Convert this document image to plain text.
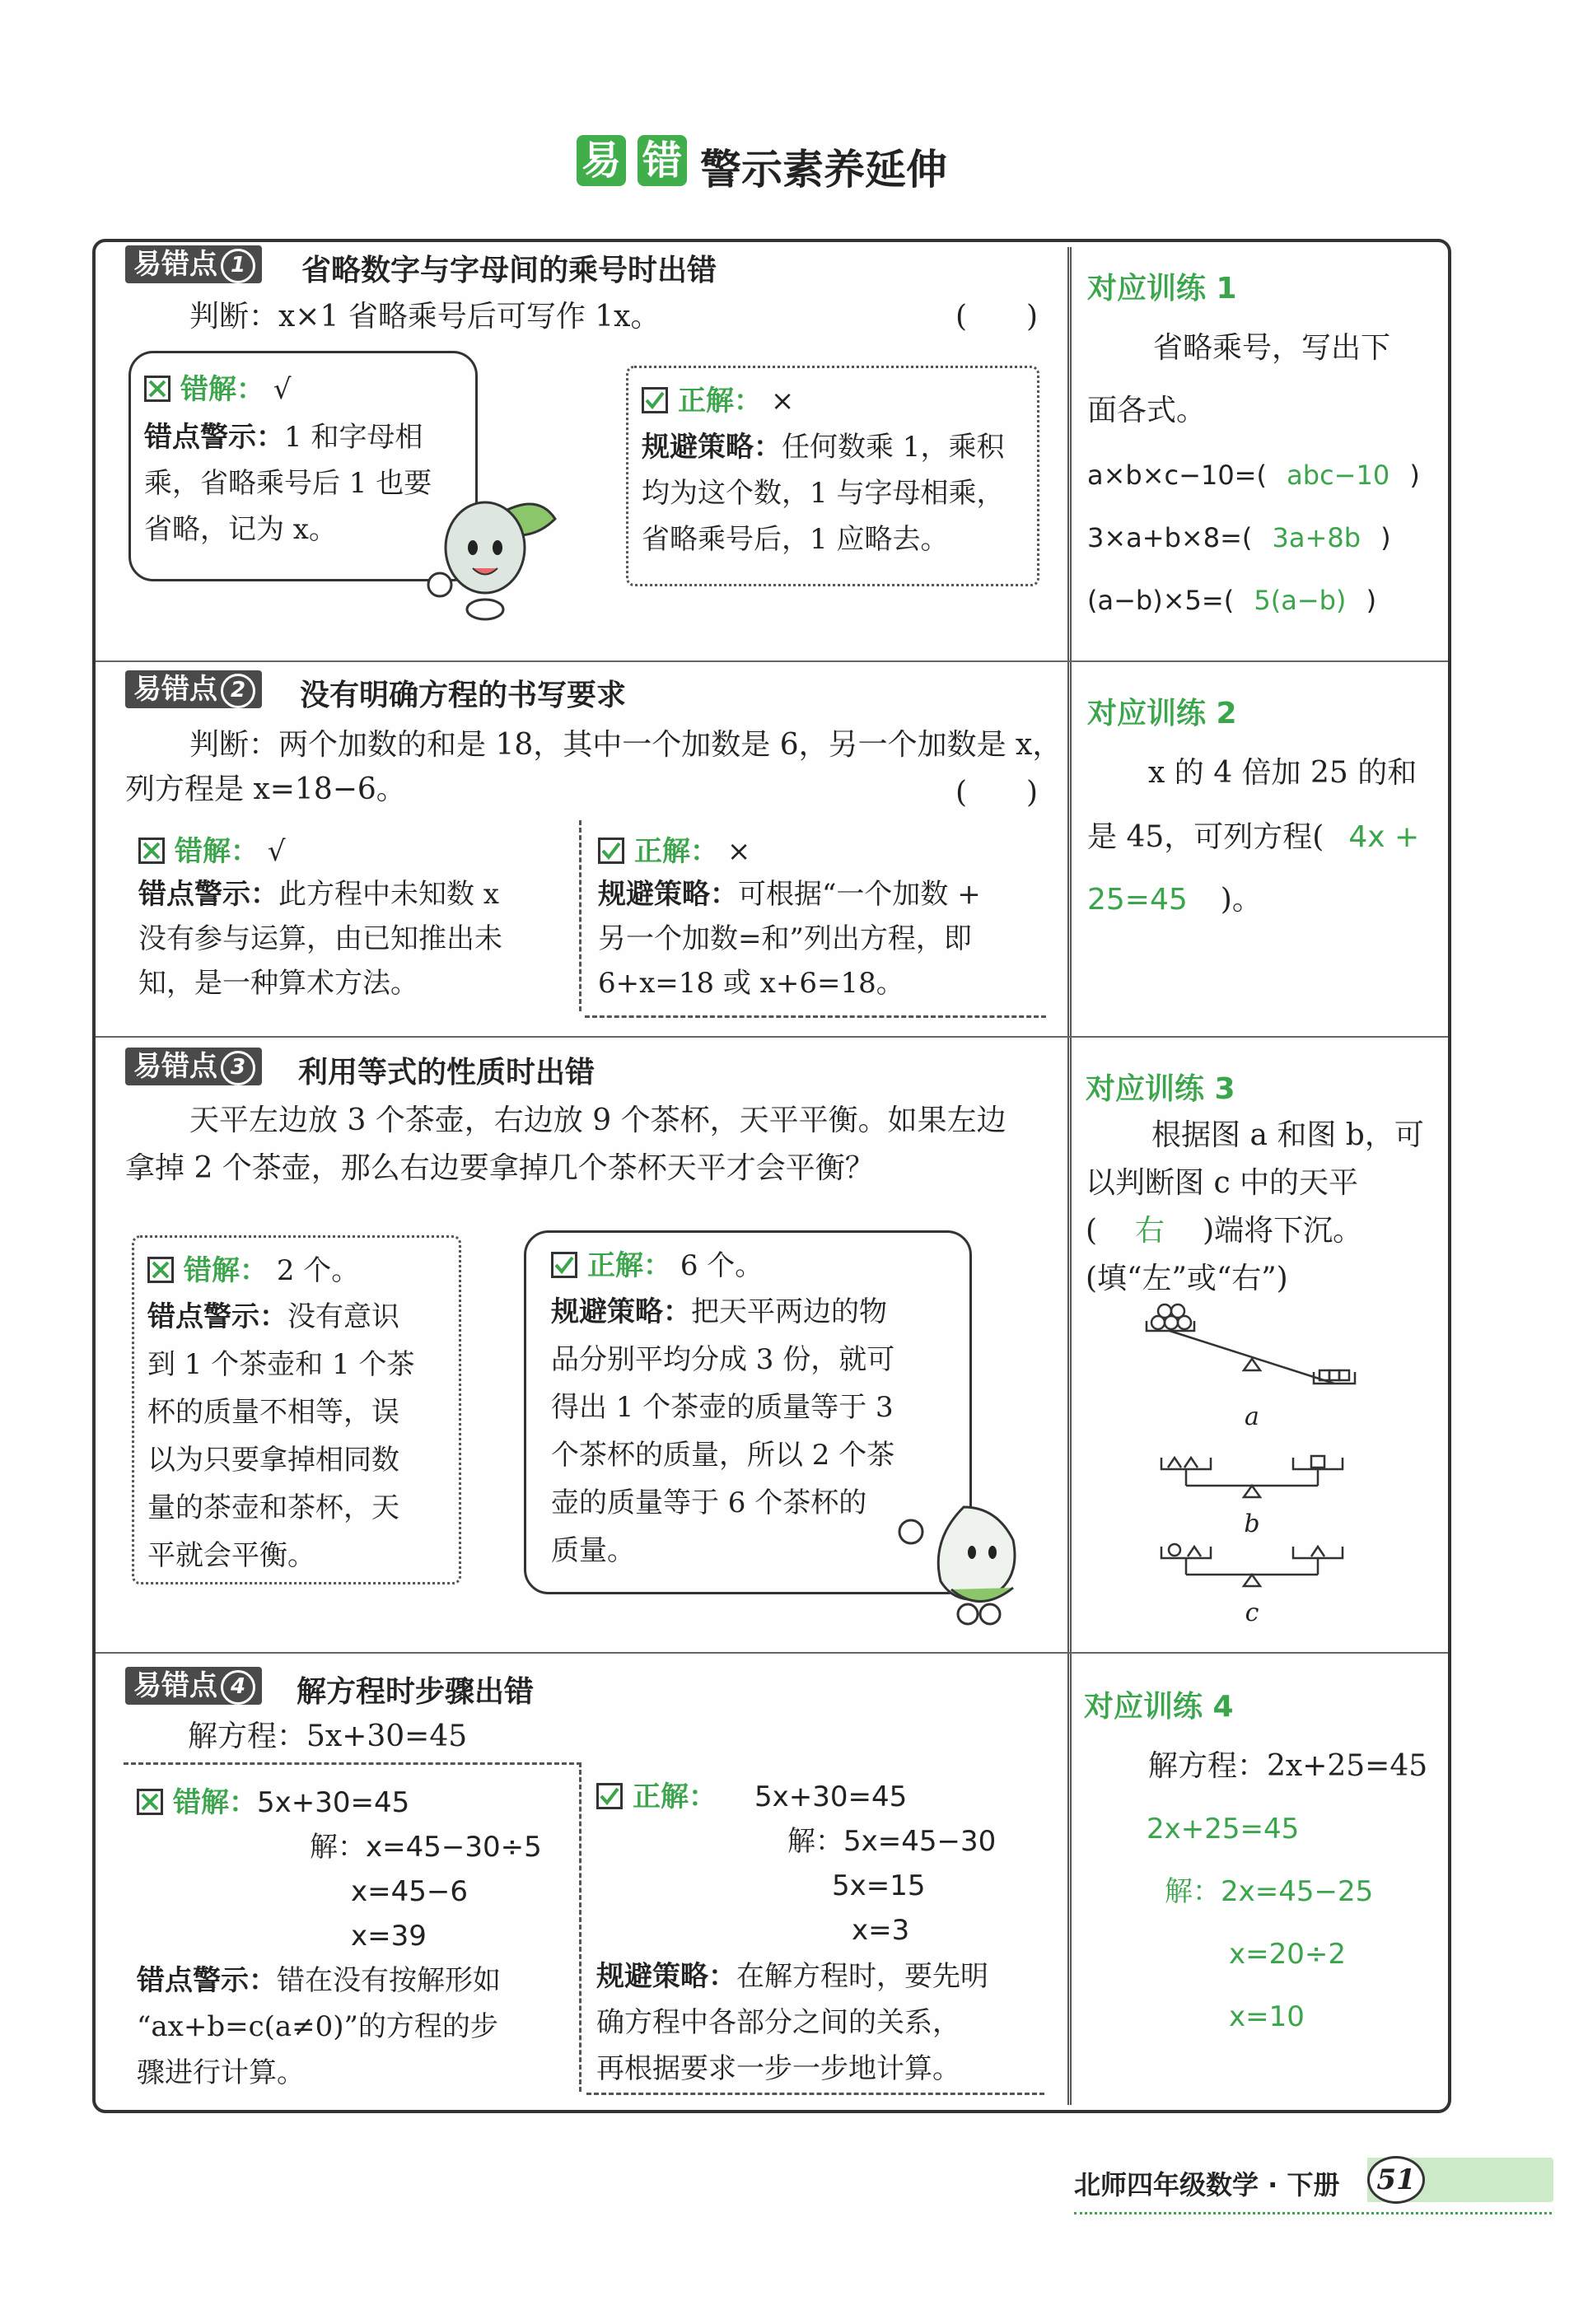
易 错 警示素养延伸
易错点 1	省略数字与字母间的乘号时出错
判断：x×1 省略乘号后可写作 1x。	(　　)
错解： √
错点警示：1 和字母相
乘，省略乘号后 1 也要
省略，记为 x。
正解： ×
规避策略：任何数乘 1，乘积
均为这个数，1 与字母相乘，
省略乘号后，1 应略去。
对应训练 1
省略乘号，写出下
面各式。
a×b×c−10=( abc−10 )
3×a+b×8=( 3a+8b )
(a−b)×5=( 5(a−b) )
易错点 2	没有明确方程的书写要求
判断：两个加数的和是 18，其中一个加数是 6，另一个加数是 x，
列方程是 x=18−6。	(　　)
错解： √
错点警示：此方程中未知数 x
没有参与运算，由已知推出未
知，是一种算术方法。
正解： ×
规避策略：可根据“一个加数 +
另一个加数=和”列出方程，即
6+x=18 或 x+6=18。
对应训练 2
x 的 4 倍加 25 的和
是 45，可列方程( 4x +
25=45 )。
易错点 3	利用等式的性质时出错
天平左边放 3 个茶壶，右边放 9 个茶杯，天平平衡。如果左边
拿掉 2 个茶壶，那么右边要拿掉几个茶杯天平才会平衡？
错解： 2 个。
错点警示：没有意识
到 1 个茶壶和 1 个茶
杯的质量不相等，误
以为只要拿掉相同数
量的茶壶和茶杯，天
平就会平衡。
正解： 6 个。
规避策略：把天平两边的物
品分别平均分成 3 份，就可
得出 1 个茶壶的质量等于 3
个茶杯的质量，所以 2 个茶
壶的质量等于 6 个茶杯的
质量。
对应训练 3
根据图 a 和图 b，可
以判断图 c 中的天平
( 右 )端将下沉。
(填“左”或“右”)
a
b
c
易错点 4	解方程时步骤出错
解方程：5x+30=45
错解：5x+30=45
解：x=45−30÷5
x=45−6
x=39
错点警示：错在没有按解形如
“ax+b=c(a≠0)”的方程的步
骤进行计算。
正解： 5x+30=45
解：5x=45−30
5x=15
x=3
规避策略：在解方程时，要先明
确方程中各部分之间的关系，
再根据要求一步一步地计算。
对应训练 4
解方程：2x+25=45
2x+25=45
解：2x=45−25
x=20÷2
x=10
北师四年级数学 · 下册	51
